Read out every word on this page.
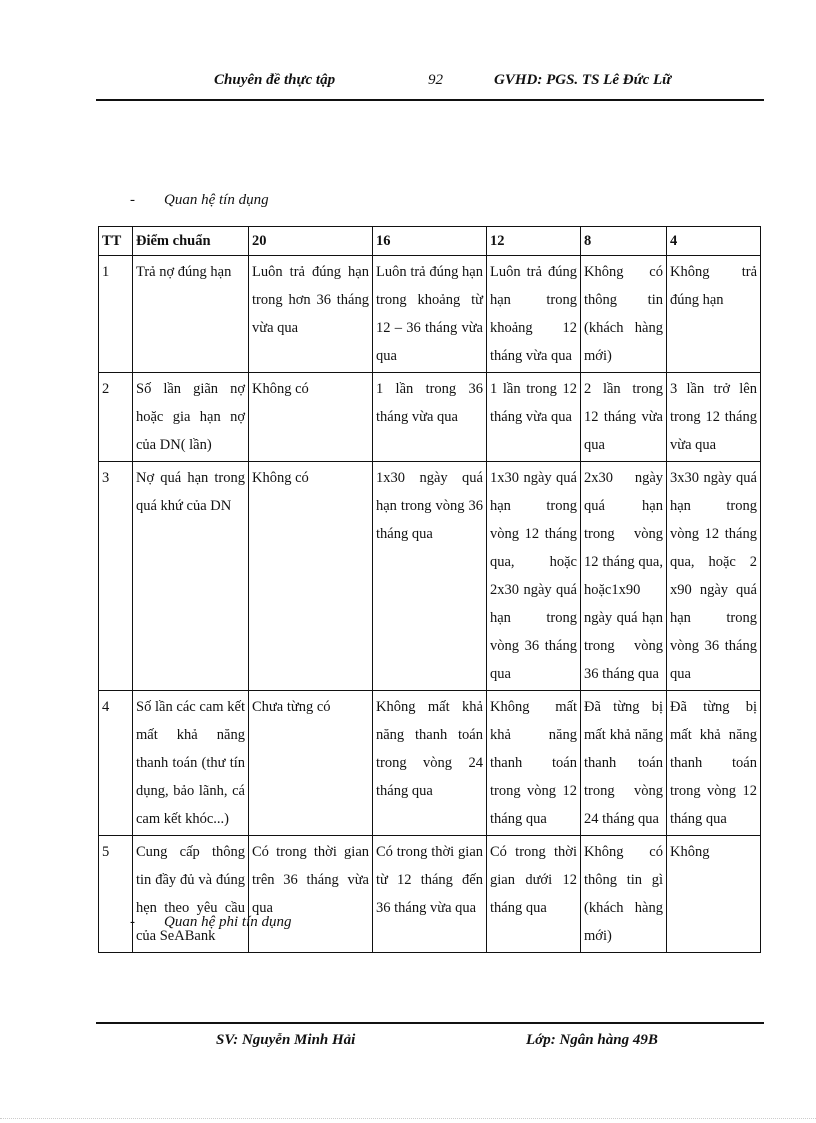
Chuyên đề thực tập	92	GVHD: PGS. TS Lê Đức Lữ
- Quan hệ tín dụng
TT	Điểm chuẩn	20	16	12	8	4
1	Trả nợ đúng hạn	Luôn trả đúng hạn trong hơn 36 tháng vừa qua	Luôn trả đúng hạn trong khoảng từ 12 – 36 tháng vừa qua	Luôn trả đúng hạn trong khoảng 12 tháng vừa qua	Không có thông tin (khách hàng mới)	Không trả đúng hạn
2	Số lần giãn nợ hoặc gia hạn nợ của DN( lần)	Không có	1 lần trong 36 tháng vừa qua	1 lần trong 12 tháng vừa qua	2 lần trong 12 tháng vừa qua	3 lần trở lên trong 12 tháng vừa qua
3	Nợ quá hạn trong quá khứ của DN	Không có	1x30 ngày quá hạn trong vòng 36 tháng qua	1x30 ngày quá hạn trong vòng 12 tháng qua, hoặc 2x30 ngày quá hạn trong vòng 36 tháng qua	2x30 ngày quá hạn trong vòng 12 tháng qua, hoặc1x90 ngày quá hạn trong vòng 36 tháng qua	3x30 ngày quá hạn trong vòng 12 tháng qua, hoặc 2 x90 ngày quá hạn trong vòng 36 tháng qua
4	Số lần các cam kết mất khả năng thanh toán (thư tín dụng, bảo lãnh, cá cam kết khóc...)	Chưa từng có	Không mất khả năng thanh toán trong vòng 24 tháng qua	Không mất khả năng thanh toán trong vòng 12 tháng qua	Đã từng bị mất khả năng thanh toán trong vòng 24 tháng qua	Đã từng bị mất khả năng thanh toán trong vòng 12 tháng qua
5	Cung cấp thông tin đầy đủ và đúng hẹn theo yêu cầu của SeABank	Có trong thời gian trên 36 tháng vừa qua	Có trong thời gian từ 12 tháng đến 36 tháng vừa qua	Có trong thời gian dưới 12 tháng qua	Không có thông tin gì (khách hàng mới)	Không
- Quan hệ phi tín dụng
SV: Nguyễn Minh Hải	Lớp: Ngân hàng 49B
